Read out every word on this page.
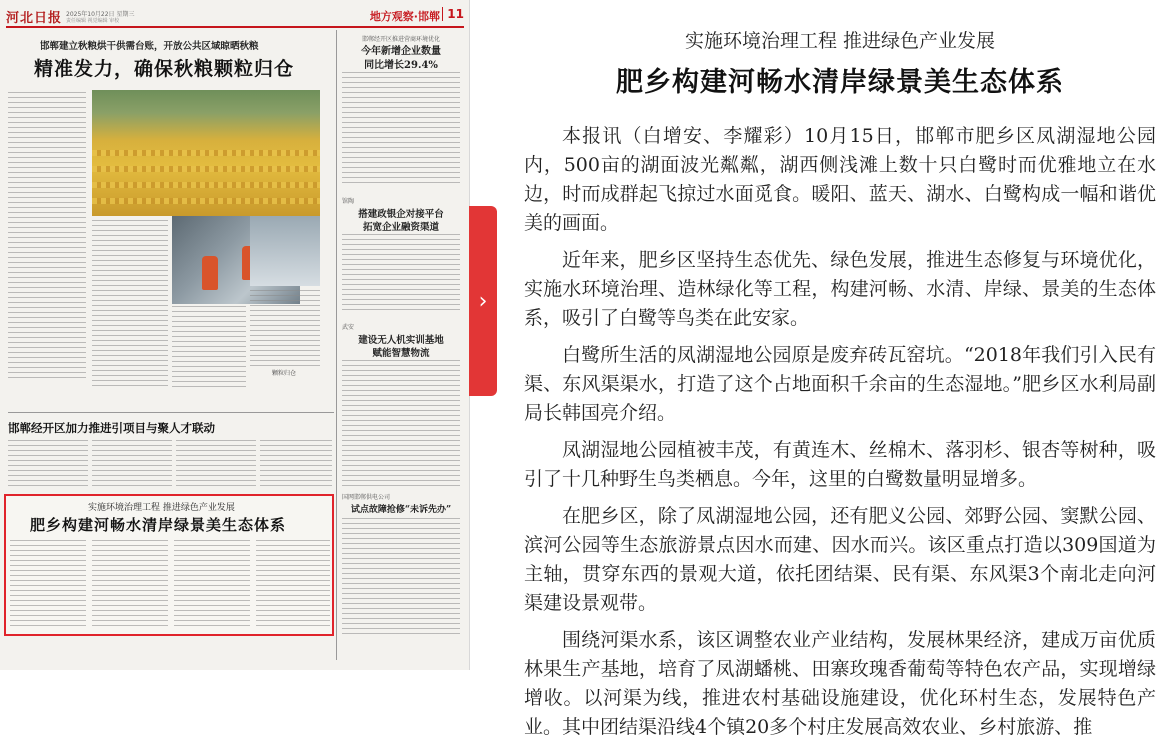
河北日报 2025年10月22日 星期三
责任编辑 视觉编辑 审校	地方观察·邯郸 11
邯郸建立秋粮烘干供需台账，开放公共区域晾晒秋粮
精准发力，确保秋粮颗粒归仓
颗粒归仓
邯郸经开区推进营商环境优化
今年新增企业数量
同比增长29.4%
馆陶
搭建政银企对接平台
拓宽企业融资渠道
武安
建设无人机实训基地
赋能智慧物流
国网邯郸供电公司
试点故障抢修“未诉先办”
邯郸经开区加力推进引项目与聚人才联动
实施环境治理工程 推进绿色产业发展
肥乡构建河畅水清岸绿景美生态体系
›
实施环境治理工程 推进绿色产业发展
肥乡构建河畅水清岸绿景美生态体系

本报讯（白增安、李耀彩）10月15日，邯郸市肥乡区凤湖湿地公园内，500亩的湖面波光粼粼，湖西侧浅滩上数十只白鹭时而优雅地立在水边，时而成群起飞掠过水面觅食。暖阳、蓝天、湖水、白鹭构成一幅和谐优美的画面。

近年来，肥乡区坚持生态优先、绿色发展，推进生态修复与环境优化，实施水环境治理、造林绿化等工程，构建河畅、水清、岸绿、景美的生态体系，吸引了白鹭等鸟类在此安家。

白鹭所生活的凤湖湿地公园原是废弃砖瓦窑坑。“2018年我们引入民有渠、东风渠渠水，打造了这个占地面积千余亩的生态湿地。”肥乡区水利局副局长韩国亮介绍。

凤湖湿地公园植被丰茂，有黄连木、丝棉木、落羽杉、银杏等树种，吸引了十几种野生鸟类栖息。今年，这里的白鹭数量明显增多。

在肥乡区，除了凤湖湿地公园，还有肥义公园、郊野公园、窦默公园、滨河公园等生态旅游景点因水而建、因水而兴。该区重点打造以309国道为主轴，贯穿东西的景观大道，依托团结渠、民有渠、东风渠3个南北走向河渠建设景观带。

围绕河渠水系，该区调整农业产业结构，发展林果经济，建成万亩优质林果生产基地，培育了凤湖蟠桃、田寨玫瑰香葡萄等特色农产品，实现增绿增收。以河渠为线，推进农村基础设施建设，优化环村生态，发展特色产业。其中团结渠沿线4个镇20多个村庄发展高效农业、乡村旅游、推
